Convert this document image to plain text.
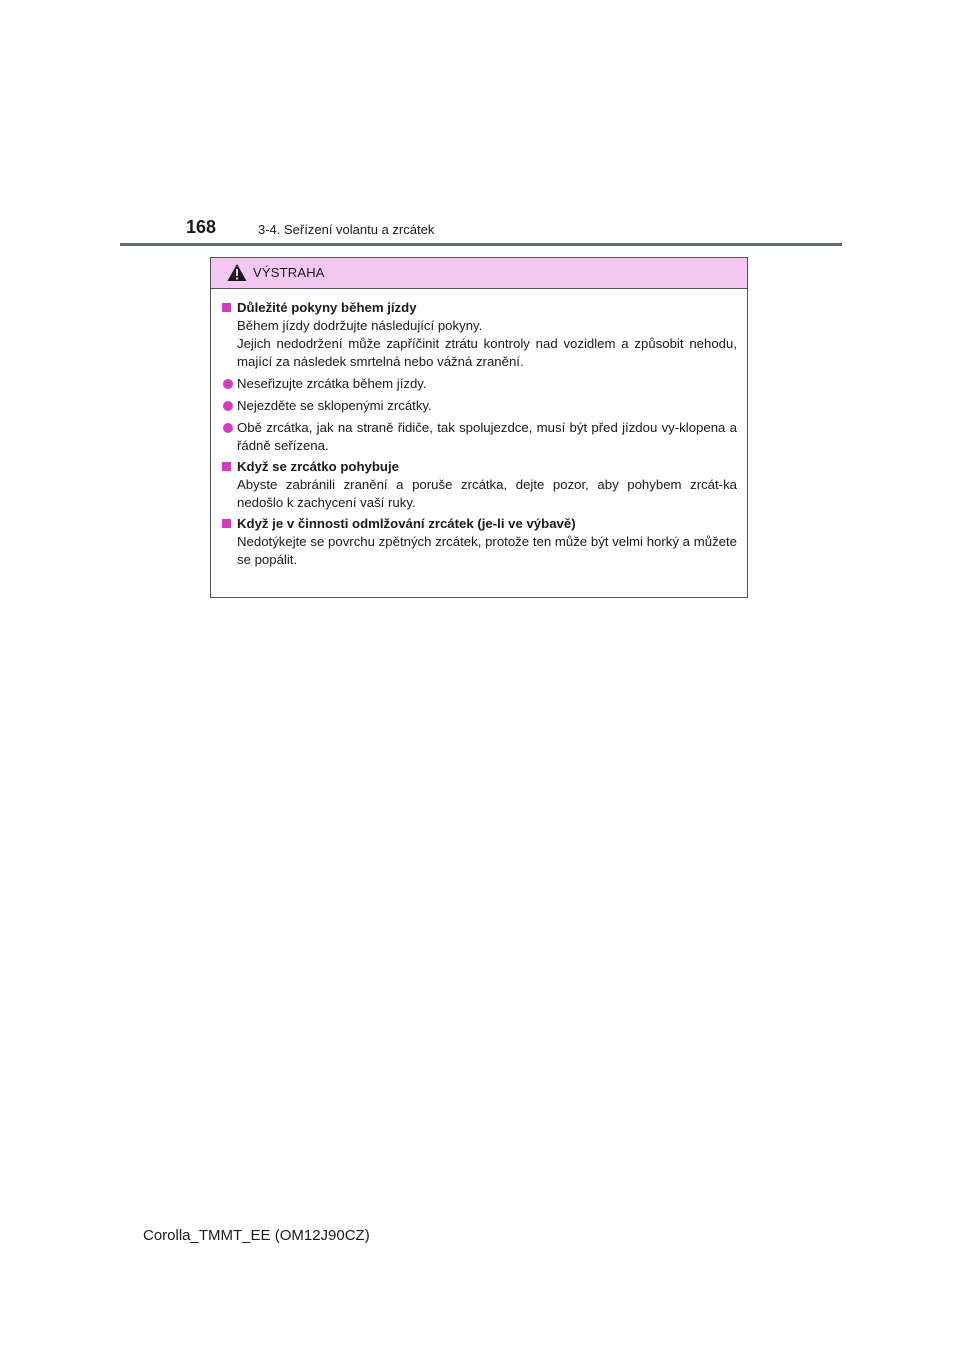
168	3-4. Seřízení volantu a zrcátek
VÝSTRAHA
Důležité pokyny během jízdy
Během jízdy dodržujte následující pokyny.
Jejich nedodržení může zapříčinit ztrátu kontroly nad vozidlem a způsobit nehodu, mající za následek smrtelná nebo vážná zranění.
Neseřizujte zrcátka během jízdy.
Nejezděte se sklopenými zrcátky.
Obě zrcátka, jak na straně řidiče, tak spolujezdce, musí být před jízdou vy-klopena a řádně seřízena.
Když se zrcátko pohybuje
Abyste zabránili zranění a poruše zrcátka, dejte pozor, aby pohybem zrcát-ka nedošlo k zachycení vaší ruky.
Když je v činnosti odmlžování zrcátek (je-li ve výbavě)
Nedotýkejte se povrchu zpětných zrcátek, protože ten může být velmi horký a můžete se popálit.
Corolla_TMMT_EE (OM12J90CZ)
